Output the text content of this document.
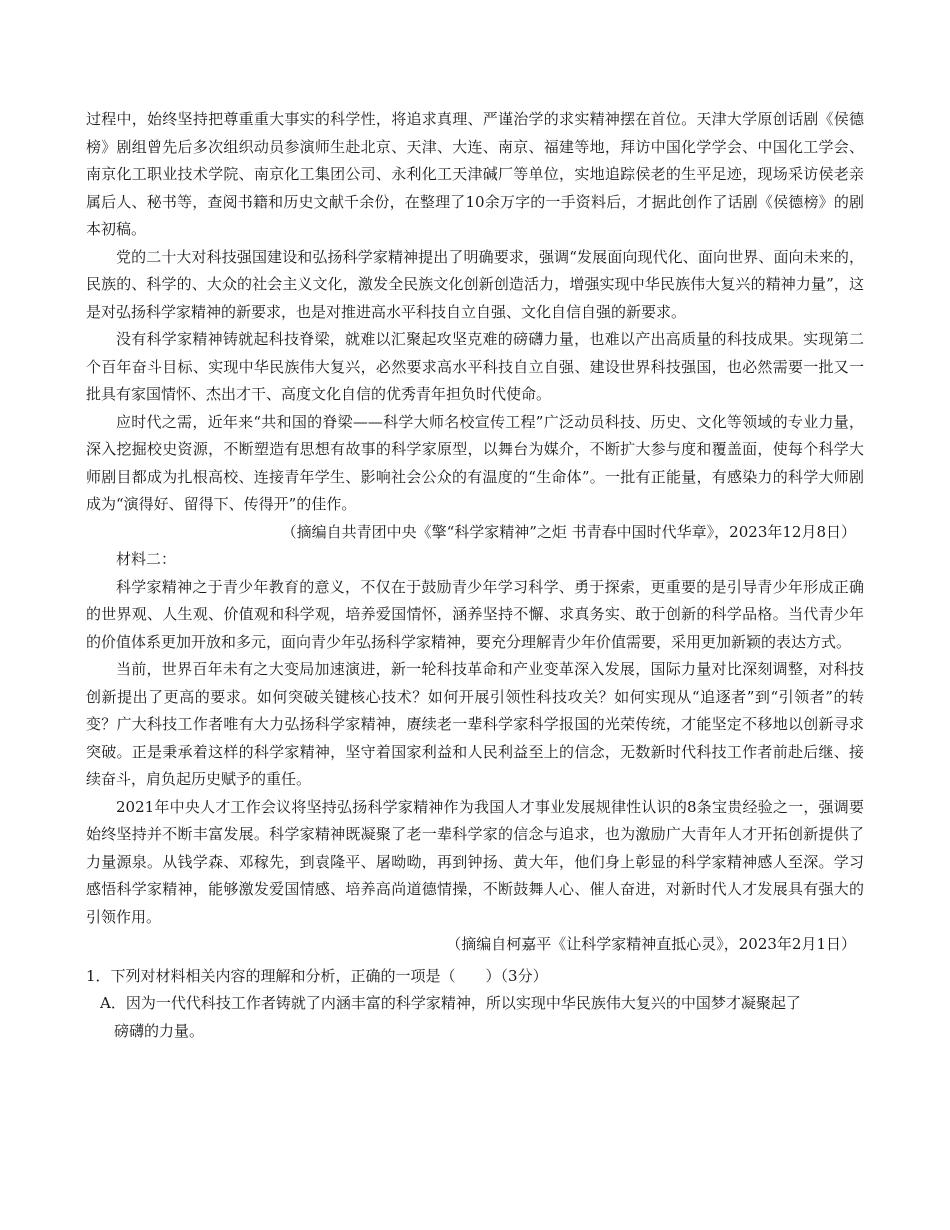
过程中，始终坚持把尊重重大事实的科学性，将追求真理、严谨治学的求实精神摆在首位。天津大学原创话剧《侯德榜》剧组曾先后多次组织动员参演师生赴北京、天津、大连、南京、福建等地，拜访中国化学学会、中国化工学会、南京化工职业技术学院、南京化工集团公司、永利化工天津碱厂等单位，实地追踪侯老的生平足迹，现场采访侯老亲属后人、秘书等，查阅书籍和历史文献千余份，在整理了10余万字的一手资料后，才据此创作了话剧《侯德榜》的剧本初稿。

党的二十大对科技强国建设和弘扬科学家精神提出了明确要求，强调“发展面向现代化、面向世界、面向未来的，民族的、科学的、大众的社会主义文化，激发全民族文化创新创造活力，增强实现中华民族伟大复兴的精神力量”，这是对弘扬科学家精神的新要求，也是对推进高水平科技自立自强、文化自信自强的新要求。

没有科学家精神铸就起科技脊梁，就难以汇聚起攻坚克难的磅礴力量，也难以产出高质量的科技成果。实现第二个百年奋斗目标、实现中华民族伟大复兴，必然要求高水平科技自立自强、建设世界科技强国，也必然需要一批又一批具有家国情怀、杰出才干、高度文化自信的优秀青年担负时代使命。

应时代之需，近年来“共和国的脊梁——科学大师名校宣传工程”广泛动员科技、历史、文化等领域的专业力量，深入挖掘校史资源，不断塑造有思想有故事的科学家原型，以舞台为媒介，不断扩大参与度和覆盖面，使每个科学大师剧目都成为扎根高校、连接青年学生、影响社会公众的有温度的“生命体”。一批有正能量，有感染力的科学大师剧成为“演得好、留得下、传得开”的佳作。

（摘编自共青团中央《擎“科学家精神”之炬 书青春中国时代华章》，2023年12月8日）

材料二：

科学家精神之于青少年教育的意义，不仅在于鼓励青少年学习科学、勇于探索，更重要的是引导青少年形成正确的世界观、人生观、价值观和科学观，培养爱国情怀，涵养坚持不懈、求真务实、敢于创新的科学品格。当代青少年的价值体系更加开放和多元，面向青少年弘扬科学家精神，要充分理解青少年价值需要，采用更加新颖的表达方式。

当前，世界百年未有之大变局加速演进，新一轮科技革命和产业变革深入发展，国际力量对比深刻调整，对科技创新提出了更高的要求。如何突破关键核心技术？如何开展引领性科技攻关？如何实现从“追逐者”到“引领者”的转变？广大科技工作者唯有大力弘扬科学家精神，赓续老一辈科学家科学报国的光荣传统，才能坚定不移地以创新寻求突破。正是秉承着这样的科学家精神，坚守着国家利益和人民利益至上的信念，无数新时代科技工作者前赴后继、接续奋斗，肩负起历史赋予的重任。

2021年中央人才工作会议将坚持弘扬科学家精神作为我国人才事业发展规律性认识的8条宝贵经验之一，强调要始终坚持并不断丰富发展。科学家精神既凝聚了老一辈科学家的信念与追求，也为激励广大青年人才开拓创新提供了力量源泉。从钱学森、邓稼先，到袁隆平、屠呦呦，再到钟扬、黄大年，他们身上彰显的科学家精神感人至深。学习感悟科学家精神，能够激发爱国情感、培养高尚道德情操，不断鼓舞人心、催人奋进，对新时代人才发展具有强大的引领作用。

（摘编自柯嘉平《让科学家精神直抵心灵》，2023年2月1日）

1．下列对材料相关内容的理解和分析，正确的一项是（　　）（3分）

A．因为一代代科技工作者铸就了内涵丰富的科学家精神，所以实现中华民族伟大复兴的中国梦才凝聚起了

磅礴的力量。
